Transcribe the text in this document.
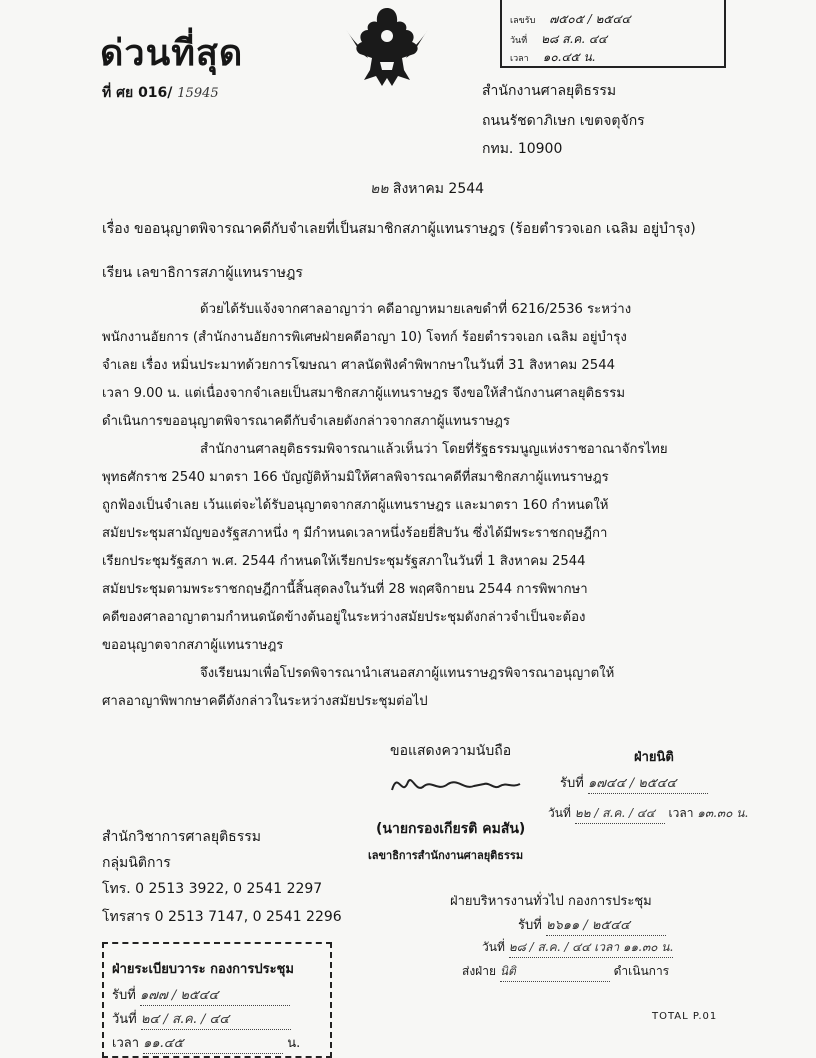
ด่วนที่สุด
ที่ ศย 016/ 15945
เลขรับ ๗๕๐๕ / ๒๕๔๔
วันที่ ๒๘ ส.ค. ๔๔
เวลา ๑๐.๔๕ น.
สำนักงานศาลยุติธรรม
ถนนรัชดาภิเษก เขตจตุจักร
กทม. 10900
๒๒ สิงหาคม 2544
เรื่อง ขออนุญาตพิจารณาคดีกับจำเลยที่เป็นสมาชิกสภาผู้แทนราษฎร (ร้อยตำรวจเอก เฉลิม อยู่บำรุง)
เรียน เลขาธิการสภาผู้แทนราษฎร
ด้วยได้รับแจ้งจากศาลอาญาว่า คดีอาญาหมายเลขดำที่ 6216/2536 ระหว่าง
พนักงานอัยการ (สำนักงานอัยการพิเศษฝ่ายคดีอาญา 10) โจทก์ ร้อยตำรวจเอก เฉลิม อยู่บำรุง
จำเลย เรื่อง หมิ่นประมาทด้วยการโฆษณา ศาลนัดฟังคำพิพากษาในวันที่ 31 สิงหาคม 2544
เวลา 9.00 น. แต่เนื่องจากจำเลยเป็นสมาชิกสภาผู้แทนราษฎร จึงขอให้สำนักงานศาลยุติธรรม
ดำเนินการขออนุญาตพิจารณาคดีกับจำเลยดังกล่าวจากสภาผู้แทนราษฎร
สำนักงานศาลยุติธรรมพิจารณาแล้วเห็นว่า โดยที่รัฐธรรมนูญแห่งราชอาณาจักรไทย
พุทธศักราช 2540 มาตรา 166 บัญญัติห้ามมิให้ศาลพิจารณาคดีที่สมาชิกสภาผู้แทนราษฎร
ถูกฟ้องเป็นจำเลย เว้นแต่จะได้รับอนุญาตจากสภาผู้แทนราษฎร และมาตรา 160 กำหนดให้
สมัยประชุมสามัญของรัฐสภาหนึ่ง ๆ มีกำหนดเวลาหนึ่งร้อยยี่สิบวัน ซึ่งได้มีพระราชกฤษฎีกา
เรียกประชุมรัฐสภา พ.ศ. 2544 กำหนดให้เรียกประชุมรัฐสภาในวันที่ 1 สิงหาคม 2544
สมัยประชุมตามพระราชกฤษฎีกานี้สิ้นสุดลงในวันที่ 28 พฤศจิกายน 2544 การพิพากษา
คดีของศาลอาญาตามกำหนดนัดข้างต้นอยู่ในระหว่างสมัยประชุมดังกล่าวจำเป็นจะต้อง
ขออนุญาตจากสภาผู้แทนราษฎร
จึงเรียนมาเพื่อโปรดพิจารณานำเสนอสภาผู้แทนราษฎรพิจารณาอนุญาตให้
ศาลอาญาพิพากษาคดีดังกล่าวในระหว่างสมัยประชุมต่อไป
ขอแสดงความนับถือ
ลายมือชื่อ
(นายกรองเกียรติ คมสัน)
เลขาธิการสำนักงานศาลยุติธรรม
ฝ่ายนิติ
รับที่ ๑๗๔๔ / ๒๕๔๔
วันที่ ๒๒ / ส.ค. / ๔๔ เวลา ๑๓.๓๐ น.
สำนักวิชาการศาลยุติธรรม
กลุ่มนิติการ
โทร. 0 2513 3922, 0 2541 2297
โทรสาร 0 2513 7147, 0 2541 2296
ฝ่ายบริหารงานทั่วไป กองการประชุม
รับที่ ๒๖๑๑ / ๒๕๔๔
วันที่ ๒๘ / ส.ค. / ๔๔ เวลา ๑๑.๓๐ น.
ส่งฝ่าย นิติ	ดำเนินการ
ฝ่ายระเบียบวาระ กองการประชุม
รับที่ ๑๗๗ / ๒๕๔๔
วันที่ ๒๔ / ส.ค. / ๔๔
เวลา ๑๑.๔๕	น.
TOTAL P.01
